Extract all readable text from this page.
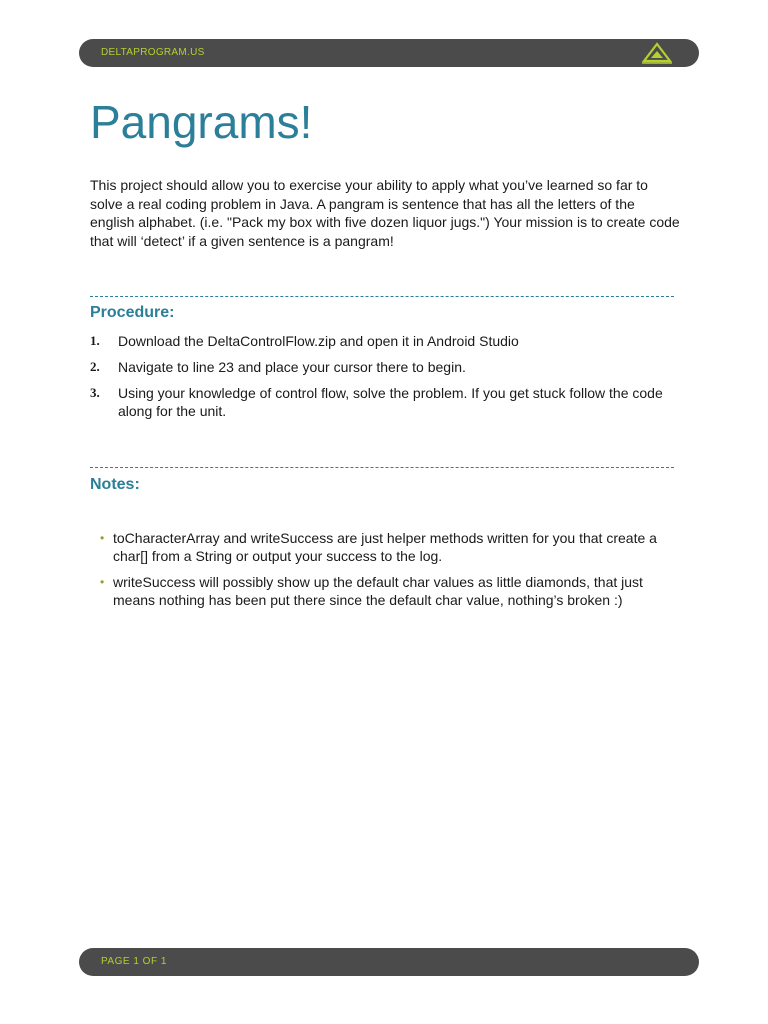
DELTAPROGRAM.US
Pangrams!

This project should allow you to exercise your ability to apply what you’ve learned so far to solve a real coding problem in Java. A pangram is sentence that has all the letters of the english alphabet. (i.e. "Pack my box with five dozen liquor jugs.") Your mission is to create code that will ‘detect’ if a given sentence is a pangram!

Procedure:
1. Download the DeltaControlFlow.zip and open it in Android Studio
2. Navigate to line 23 and place your cursor there to begin.
3. Using your knowledge of control flow, solve the problem. If you get stuck follow the code along for the unit.
Notes:
• toCharacterArray and writeSuccess are just helper methods written for you that create a char[] from a String or output your success to the log.
• writeSuccess will possibly show up the default char values as little diamonds, that just means nothing has been put there since the default char value, nothing’s broken :)
PAGE 1 OF 1
